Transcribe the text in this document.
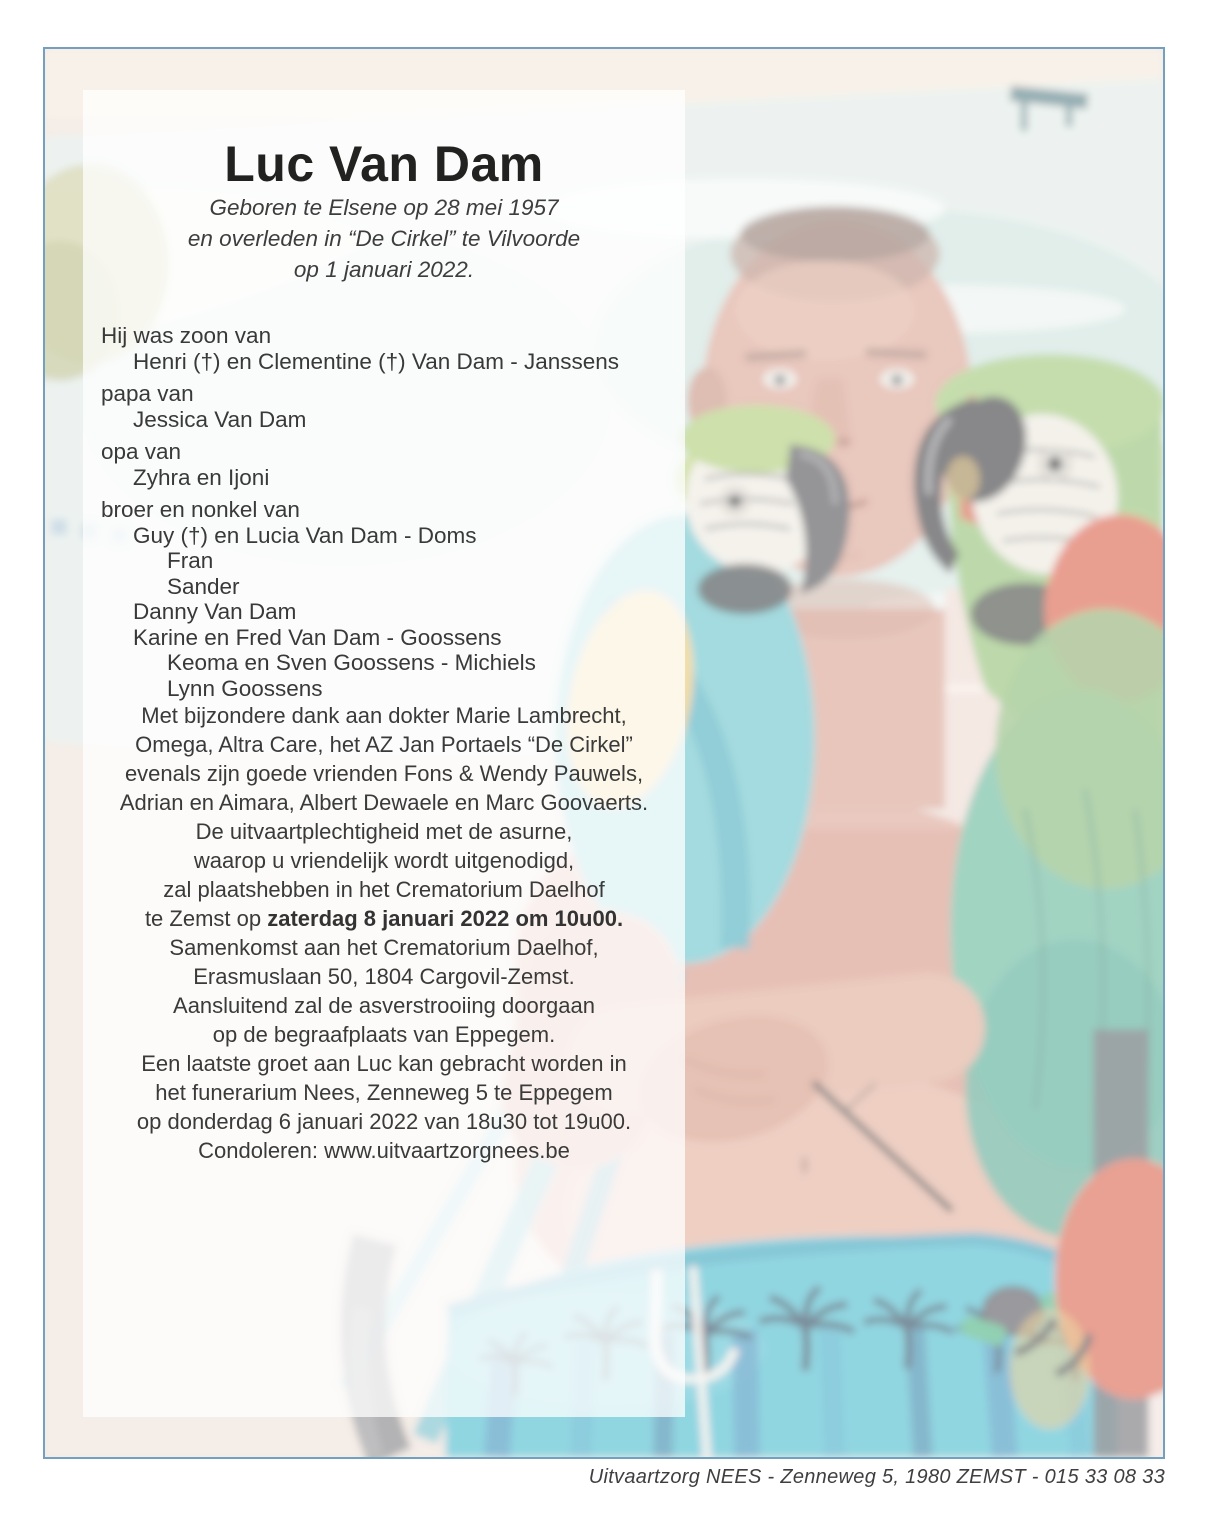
Luc Van Dam

Geboren te Elsene op 28 mei 1957
en overleden in “De Cirkel” te Vilvoorde
op 1 januari 2022.

Hij was zoon van

Henri (†) en Clementine (†) Van Dam - Janssens

papa van

Jessica Van Dam

opa van

Zyhra en Ijoni

broer en nonkel van

Guy (†) en Lucia Van Dam - Doms

Fran

Sander

Danny Van Dam

Karine en Fred Van Dam - Goossens

Keoma en Sven Goossens - Michiels

Lynn Goossens

Met bijzondere dank aan dokter Marie Lambrecht,
Omega, Altra Care, het AZ Jan Portaels “De Cirkel”
evenals zijn goede vrienden Fons & Wendy Pauwels,
Adrian en Aimara, Albert Dewaele en Marc Goovaerts.

De uitvaartplechtigheid met de asurne,
waarop u vriendelijk wordt uitgenodigd,
zal plaatshebben in het Crematorium Daelhof
te Zemst op zaterdag 8 januari 2022 om 10u00.

Samenkomst aan het Crematorium Daelhof,
Erasmuslaan 50, 1804 Cargovil-Zemst.

Aansluitend zal de asverstrooiing doorgaan
op de begraafplaats van Eppegem.

Een laatste groet aan Luc kan gebracht worden in
het funerarium Nees, Zenneweg 5 te Eppegem
op donderdag 6 januari 2022 van 18u30 tot 19u00.

Condoleren: www.uitvaartzorgnees.be

Uitvaartzorg NEES - Zenneweg 5, 1980 ZEMST - 015 33 08 33
